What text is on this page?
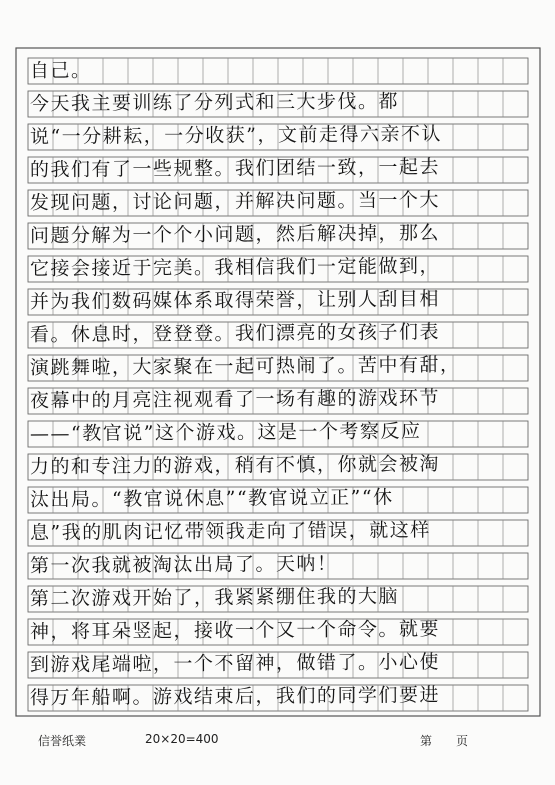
自己。
今天我主要训练了分列式和三大步伐。都
说“一分耕耘，一分收获”，文前走得六亲不认
的我们有了一些规整。我们团结一致，一起去
发现问题，讨论问题，并解决问题。当一个大
问题分解为一个个小问题，然后解决掉，那么
它接会接近于完美。我相信我们一定能做到，
并为我们数码媒体系取得荣誉，让别人刮目相
看。休息时，登登登。我们漂亮的女孩子们表
演跳舞啦，大家聚在一起可热闹了。苦中有甜，
夜幕中的月亮注视观看了一场有趣的游戏环节
——“教官说”这个游戏。这是一个考察反应
力的和专注力的游戏，稍有不慎，你就会被淘
汰出局。“教官说休息”“教官说立正”“休
息”我的肌肉记忆带领我走向了错误，就这样
第一次我就被淘汰出局了。天呐！
第二次游戏开始了，我紧紧绷住我的大脑
神，将耳朵竖起，接收一个又一个命令。就要
到游戏尾端啦，一个不留神，做错了。小心使
得万年船啊。游戏结束后，我们的同学们要进
信誉纸業	20×20=400	第　　页
